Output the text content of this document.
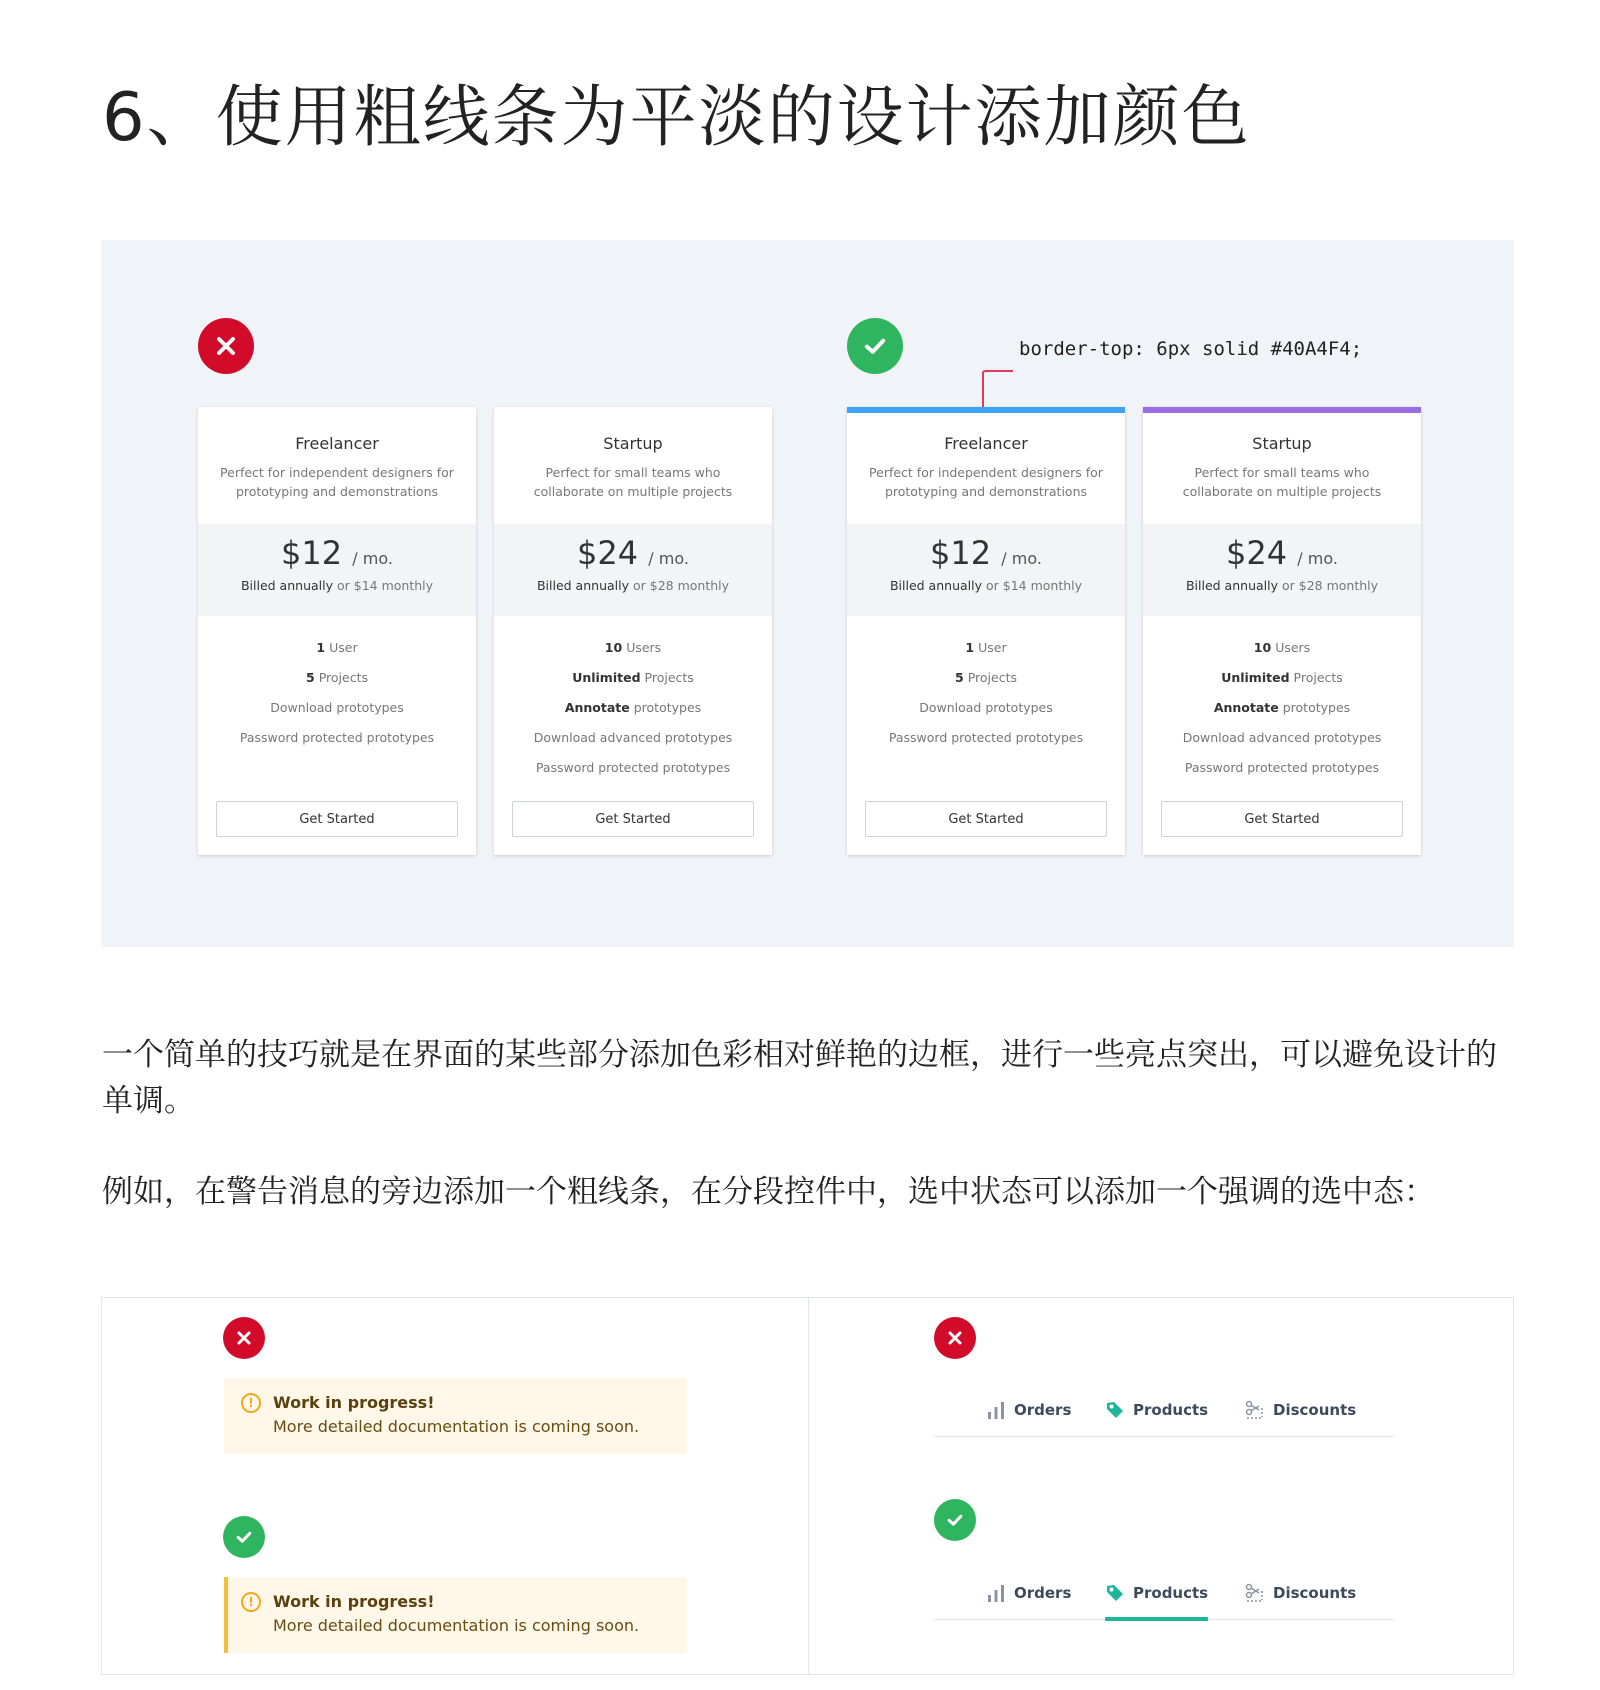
6、使用粗线条为平淡的设计添加颜色
border-top: 6px solid #40A4F4;
Freelancer
Perfect for independent designers for prototyping and demonstrations
$12 / mo.
Billed annually or $14 monthly
1 User
5 Projects
Download prototypes
Password protected prototypes
Get Started
Startup
Perfect for small teams who collaborate on multiple projects
$24 / mo.
Billed annually or $28 monthly
10 Users
Unlimited Projects
Annotate prototypes
Download advanced prototypes
Password protected prototypes
Get Started
Freelancer
Perfect for independent designers for prototyping and demonstrations
$12 / mo.
Billed annually or $14 monthly
1 User
5 Projects
Download prototypes
Password protected prototypes
Get Started
Startup
Perfect for small teams who collaborate on multiple projects
$24 / mo.
Billed annually or $28 monthly
10 Users
Unlimited Projects
Annotate prototypes
Download advanced prototypes
Password protected prototypes
Get Started

一个简单的技巧就是在界面的某些部分添加色彩相对鲜艳的边框，进行一些亮点突出，可以避免设计的单调。

例如，在警告消息的旁边添加一个粗线条，在分段控件中，选中状态可以添加一个强调的选中态：

!	Work in progress!
More detailed documentation is coming soon.
!	Work in progress!
More detailed documentation is coming soon.
Orders	Products	Discounts
Orders	Products	Discounts
